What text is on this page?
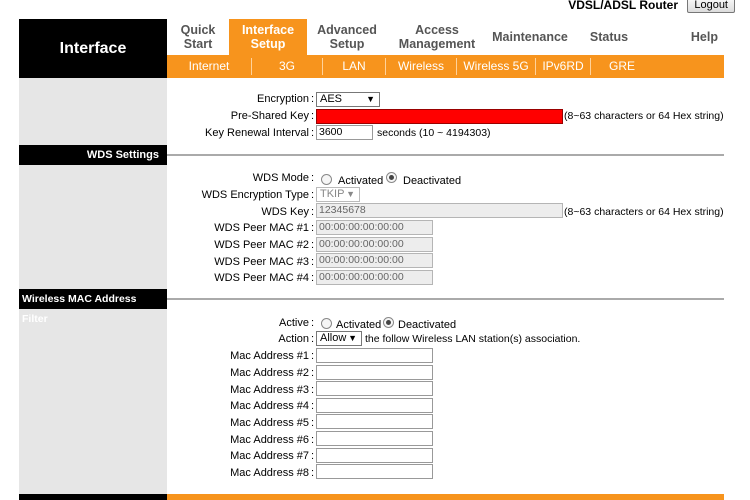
VDSL/ADSL Router	Logout
Interface
Quick
Start
Interface
Setup
Advanced
Setup
Access
Management Maintenance Status	Help
Internet	3G	LAN	Wireless	Wireless 5G	IPv6RD	GRE
Encryption : AES	▼
Pre-Shared Key :	(8~63 characters or 64 Hex string)
Key Renewal Interval : 3600	seconds (10 ~ 4194303)
WDS Settings
WDS Mode : Activated Deactivated
WDS Encryption Type : TKIP ▼
WDS Key : 12345678	(8~63 characters or 64 Hex string)
WDS Peer MAC #1 : 00:00:00:00:00:00
WDS Peer MAC #2 : 00:00:00:00:00:00
WDS Peer MAC #3 : 00:00:00:00:00:00
WDS Peer MAC #4 : 00:00:00:00:00:00
Wireless MAC Address Filter	Active : Activated Deactivated
Action : Allow ▼ the follow Wireless LAN station(s) association.
Mac Address #1 :
Mac Address #2 :
Mac Address #3 :
Mac Address #4 :
Mac Address #5 :
Mac Address #6 :
Mac Address #7 :
Mac Address #8 :
